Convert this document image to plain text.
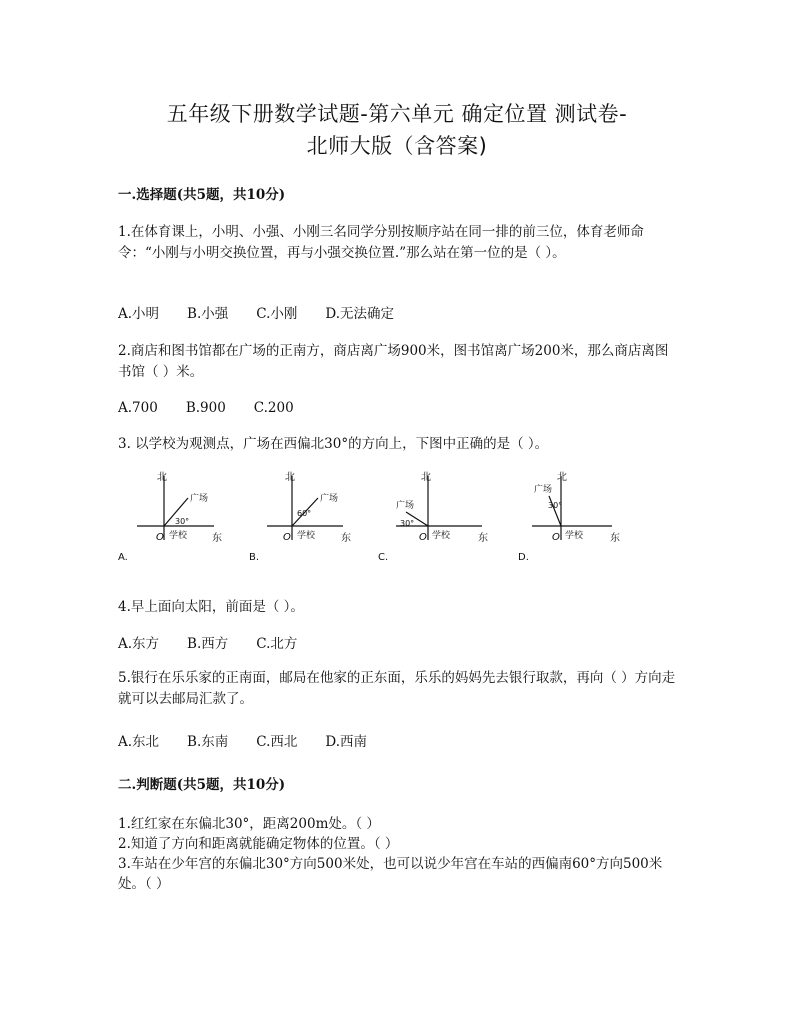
五年级下册数学试题-第六单元 确定位置 测试卷-
北师大版（含答案)
一.选择题(共5题，共10分)
1.在体育课上，小明、小强、小刚三名同学分别按顺序站在同一排的前三位，体育老师命令：“小刚与小明交换位置，再与小强交换位置.”那么站在第一位的是（ ）。
A.小明 B.小强 C.小刚 D.无法确定
2.商店和图书馆都在广场的正南方，商店离广场900米，图书馆离广场200米，那么商店离图书馆（ ）米。
A.700 B.900 C.200
3. 以学校为观测点，广场在西偏北30°的方向上，下图中正确的是（ ）。
北
东
O 学校
广场
30°
A.
北
东
O 学校
广场
60°
B.
北
东
O 学校
广场
30°
C.
北
东
O 学校
广场
30°
D.
4.早上面向太阳，前面是（ ）。
A.东方 B.西方 C.北方
5.银行在乐乐家的正南面，邮局在他家的正东面，乐乐的妈妈先去银行取款，再向（ ）方向走就可以去邮局汇款了。
A.东北 B.东南 C.西北 D.西南
二.判断题(共5题，共10分)
1.红红家在东偏北30°，距离200m处。（ ）
2.知道了方向和距离就能确定物体的位置。（ ）
3.车站在少年宫的东偏北30°方向500米处，也可以说少年宫在车站的西偏南60°方向500米处。（ ）
